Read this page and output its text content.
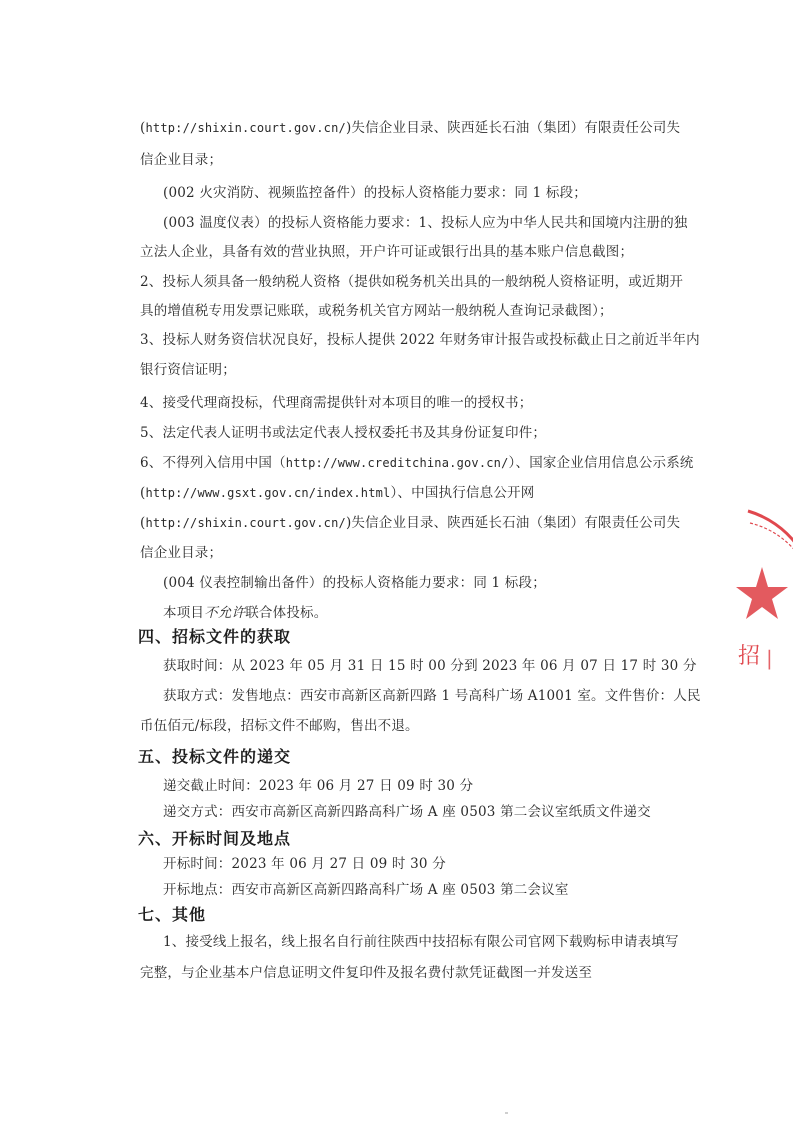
(http://shixin.court.gov.cn/)失信企业目录、陕西延长石油（集团）有限责任公司失

信企业目录；

(002 火灾消防、视频监控备件）的投标人资格能力要求：同 1 标段；

(003 温度仪表）的投标人资格能力要求：1、投标人应为中华人民共和国境内注册的独

立法人企业，具备有效的营业执照，开户许可证或银行出具的基本账户信息截图；

2、投标人须具备一般纳税人资格（提供如税务机关出具的一般纳税人资格证明，或近期开

具的增值税专用发票记账联，或税务机关官方网站一般纳税人查询记录截图）；

3、投标人财务资信状况良好，投标人提供 2022 年财务审计报告或投标截止日之前近半年内

银行资信证明；

4、接受代理商投标，代理商需提供针对本项目的唯一的授权书；

5、法定代表人证明书或法定代表人授权委托书及其身份证复印件；

6、不得列入信用中国（http://www.creditchina.gov.cn/）、国家企业信用信息公示系统

(http://www.gsxt.gov.cn/index.html）、中国执行信息公开网

(http://shixin.court.gov.cn/)失信企业目录、陕西延长石油（集团）有限责任公司失

信企业目录；

(004 仪表控制输出备件）的投标人资格能力要求：同 1 标段；

本项目不允许联合体投标。

四、招标文件的获取

获取时间：从 2023 年 05 月 31 日 15 时 00 分到 2023 年 06 月 07 日 17 时 30 分

获取方式：发售地点：西安市高新区高新四路 1 号高科广场 A1001 室。文件售价：人民

币伍佰元/标段，招标文件不邮购，售出不退。

五、投标文件的递交

递交截止时间：2023 年 06 月 27 日 09 时 30 分

递交方式：西安市高新区高新四路高科广场 A 座 0503 第二会议室纸质文件递交

六、开标时间及地点

开标时间：2023 年 06 月 27 日 09 时 30 分

开标地点：西安市高新区高新四路高科广场 A 座 0503 第二会议室

七、其他

1、接受线上报名，线上报名自行前往陕西中技招标有限公司官网下载购标申请表填写

完整，与企业基本户信息证明文件复印件及报名费付款凭证截图一并发送至

招 |
